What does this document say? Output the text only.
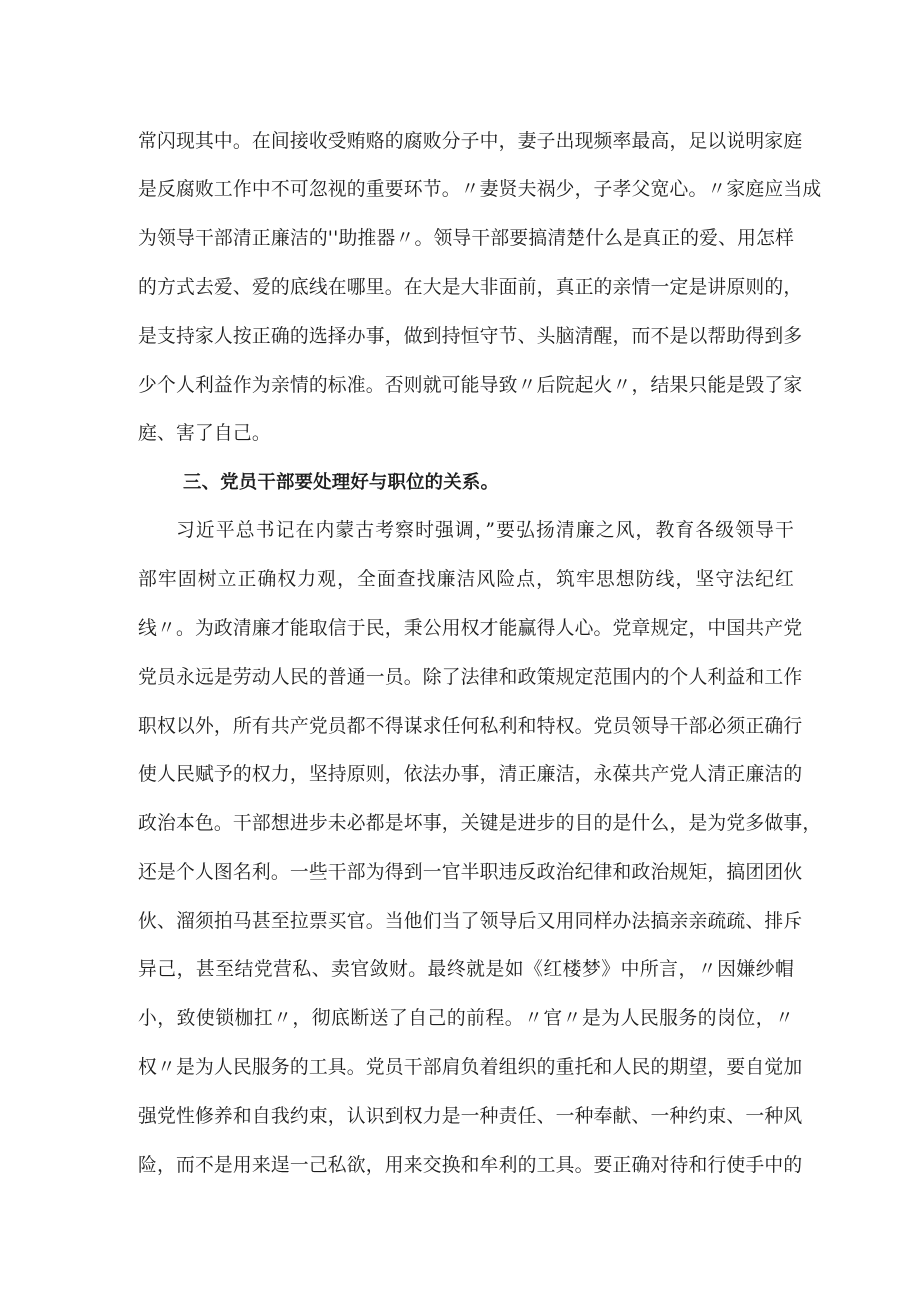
常闪现其中。在间接收受贿赂的腐败分子中，妻子出现频率最高，足以说明家庭
是反腐败工作中不可忽视的重要环节。〃妻贤夫祸少，子孝父宽心。〃家庭应当成
为领导干部清正廉洁的''助推器〃。领导干部要搞清楚什么是真正的爱、用怎样
的方式去爱、爱的底线在哪里。在大是大非面前，真正的亲情一定是讲原则的，
是支持家人按正确的选择办事，做到持恒守节、头脑清醒，而不是以帮助得到多
少个人利益作为亲情的标准。否则就可能导致〃后院起火〃，结果只能是毁了家
庭、害了自己。
三、党员干部要处理好与职位的关系。
习近平总书记在内蒙古考察时强调，”要弘扬清廉之风，教育各级领导干
部牢固树立正确权力观，全面查找廉洁风险点，筑牢思想防线，坚守法纪红
线〃。为政清廉才能取信于民，秉公用权才能赢得人心。党章规定，中国共产党
党员永远是劳动人民的普通一员。除了法律和政策规定范围内的个人利益和工作
职权以外，所有共产党员都不得谋求任何私利和特权。党员领导干部必须正确行
使人民赋予的权力，坚持原则，依法办事，清正廉洁，永葆共产党人清正廉洁的
政治本色。干部想进步未必都是坏事，关键是进步的目的是什么，是为党多做事，
还是个人图名利。一些干部为得到一官半职违反政治纪律和政治规矩，搞团团伙
伙、溜须拍马甚至拉票买官。当他们当了领导后又用同样办法搞亲亲疏疏、排斥
异己，甚至结党营私、卖官敛财。最终就是如《红楼梦》中所言，〃因嫌纱帽
小，致使锁枷扛〃，彻底断送了自己的前程。〃官〃是为人民服务的岗位，〃
权〃是为人民服务的工具。党员干部肩负着组织的重托和人民的期望，要自觉加
强党性修养和自我约束，认识到权力是一种责任、一种奉献、一种约束、一种风
险，而不是用来逞一己私欲，用来交换和牟利的工具。要正确对待和行使手中的
